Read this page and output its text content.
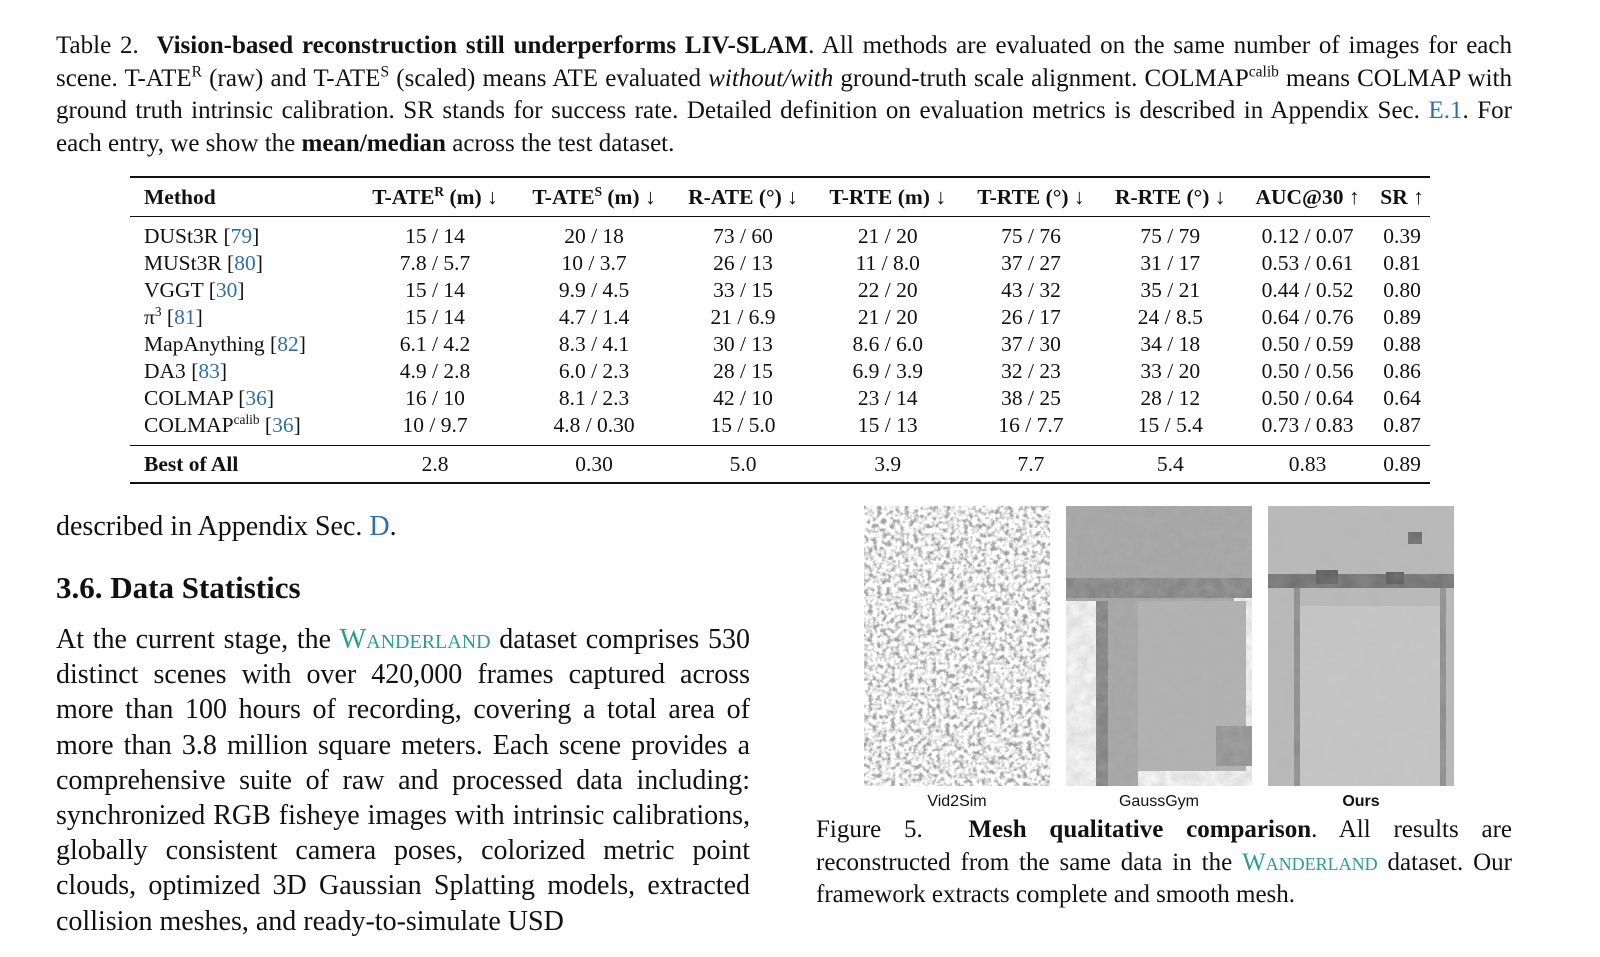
Table 2. Vision-based reconstruction still underperforms LIV-SLAM. All methods are evaluated on the same number of images for each scene. $T-ATE^R$ (raw) and $T-ATE^S$ (scaled) means ATE evaluated without/with ground-truth scale alignment. $COLMAP^{calib}$ means COLMAP with ground truth intrinsic calibration. SR stands for success rate. Detailed definition on evaluation metrics is described in Appendix Sec. E.1. For each entry, we show the mean/median across the test dataset.
Method	$T-ATE^R$ (m) ↓	$T-ATE^S$ (m) ↓	R-ATE (°) ↓	T-RTE (m) ↓	T-RTE (°) ↓	R-RTE (°) ↓	AUC@30 ↑	SR ↑
DUSt3R [79]	15 / 14	20 / 18	73 / 60	21 / 20	75 / 76	75 / 79	0.12 / 0.07	0.39
MUSt3R [80]	7.8 / 5.7	10 / 3.7	26 / 13	11 / 8.0	37 / 27	31 / 17	0.53 / 0.61	0.81
VGGT [30]	15 / 14	9.9 / 4.5	33 / 15	22 / 20	43 / 32	35 / 21	0.44 / 0.52	0.80
$\pi^3$ [81]	15 / 14	4.7 / 1.4	21 / 6.9	21 / 20	26 / 17	24 / 8.5	0.64 / 0.76	0.89
MapAnything [82]	6.1 / 4.2	8.3 / 4.1	30 / 13	8.6 / 6.0	37 / 30	34 / 18	0.50 / 0.59	0.88
DA3 [83]	4.9 / 2.8	6.0 / 2.3	28 / 15	6.9 / 3.9	32 / 23	33 / 20	0.50 / 0.56	0.86
COLMAP [36]	16 / 10	8.1 / 2.3	42 / 10	23 / 14	38 / 25	28 / 12	0.50 / 0.64	0.64
$COLMAP^{calib}$ [36]	10 / 9.7	4.8 / 0.30	15 / 5.0	15 / 13	16 / 7.7	15 / 5.4	0.73 / 0.83	0.87
Best of All	2.8	0.30	5.0	3.9	7.7	5.4	0.83	0.89

described in Appendix Sec. D.

3.6. Data Statistics

At the current stage, the Wanderland dataset comprises 530 distinct scenes with over 420,000 frames captured across more than 100 hours of recording, covering a total area of more than 3.8 million square meters. Each scene provides a comprehensive suite of raw and processed data including: synchronized RGB fisheye images with intrinsic calibrations, globally consistent camera poses, colorized metric point clouds, optimized 3D Gaussian Splatting models, extracted collision meshes, and ready-to-simulate USD

Vid2Sim	GaussGym	Ours
Figure 5. Mesh qualitative comparison. All results are reconstructed from the same data in the Wanderland dataset. Our framework extracts complete and smooth mesh.
